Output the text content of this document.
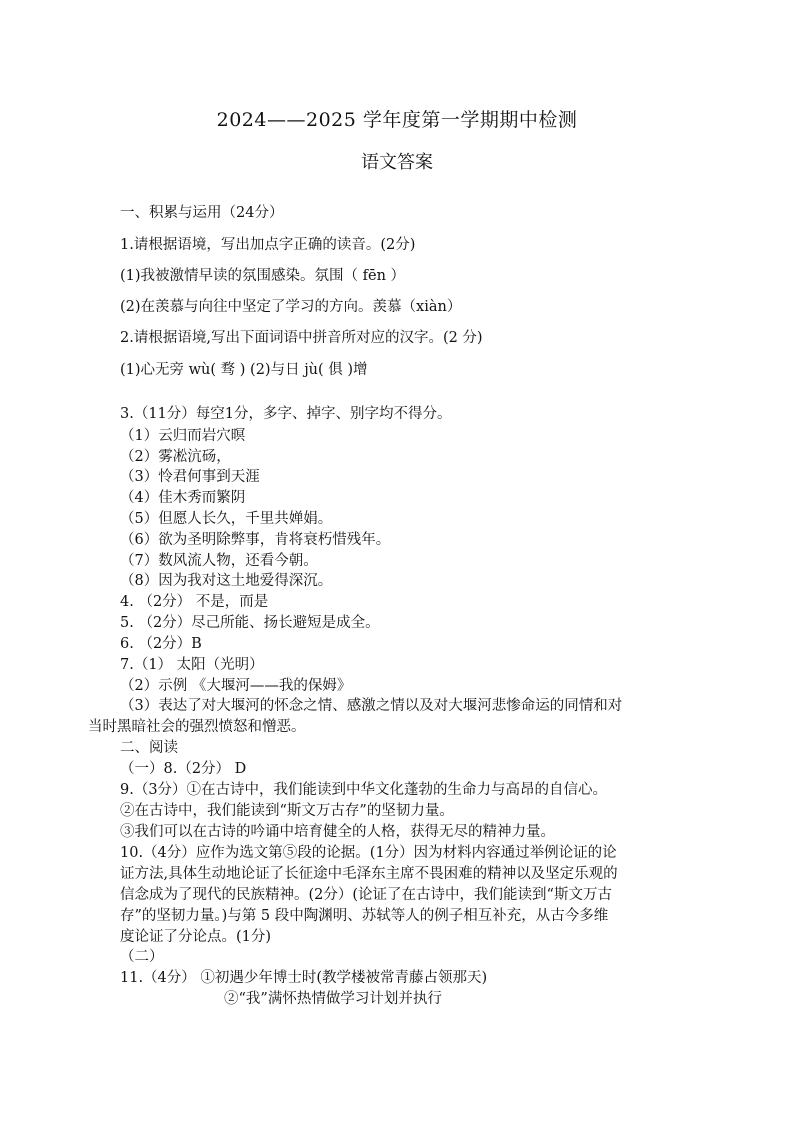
2024——2025 学年度第一学期期中检测
语文答案
一、积累与运用（24分）
1.请根据语境，写出加点字正确的读音。(2分)
(1)我被激情早读的氛围感染。氛围（ fēn ）
(2)在羡慕与向往中坚定了学习的方向。羡慕（xiàn）
2.请根据语境,写出下面词语中拼音所对应的汉字。(2 分)
(1)心无旁 wù( 骛 ) (2)与日 jù( 俱 )增
3.（11分）每空1分，多字、掉字、别字均不得分。
（1）云归而岩穴暝
（2）雾凇沆砀，
（3）怜君何事到天涯
（4）佳木秀而繁阴
（5）但愿人长久，千里共婵娟。
（6）欲为圣明除弊事，肯将衰朽惜残年。
（7）数风流人物，还看今朝。
（8）因为我对这土地爱得深沉。
4. （2分） 不是，而是
5. （2分）尽己所能、扬长避短是成全。
6. （2分）B
7.（1） 太阳（光明）
（2）示例 《大堰河——我的保姆》
（3）表达了对大堰河的怀念之情、感激之情以及对大堰河悲惨命运的同情和对
当时黑暗社会的强烈愤怒和憎恶。
二、阅读
（一）8.（2分） D
9.（3分）①在古诗中，我们能读到中华文化蓬勃的生命力与高昂的自信心。
②在古诗中，我们能读到“斯文万古存”的坚韧力量。
③我们可以在古诗的吟诵中培育健全的人格，获得无尽的精神力量。
10.（4分）应作为选文第⑤段的论据。(1分）因为材料内容通过举例论证的论
证方法,具体生动地论证了长征途中毛泽东主席不畏困难的精神以及坚定乐观的
信念成为了现代的民族精神。(2分）(论证了在古诗中，我们能读到“斯文万古
存”的坚韧力量。)与第 5 段中陶渊明、苏轼等人的例子相互补充，从古今多维
度论证了分论点。(1分)
（二）
11.（4分） ①初遇少年博士时(教学楼被常青藤占领那天)
②“我”满怀热情做学习计划并执行
